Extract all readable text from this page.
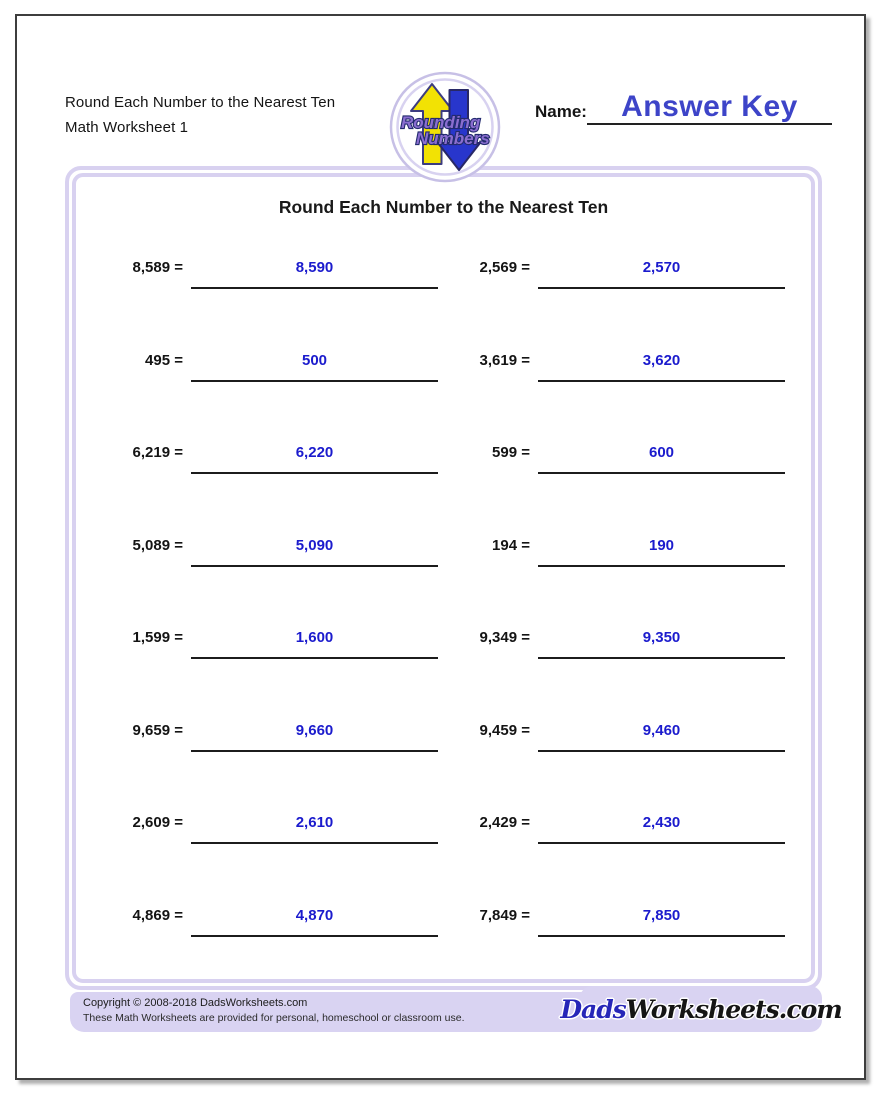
Round Each Number to the Nearest Ten
Math Worksheet 1	Rounding
Numbers
Name:	Answer Key
Round Each Number to the Nearest Ten
8,589 =	8,590	2,569 =	2,570
495 =	500	3,619 =	3,620
6,219 =	6,220	599 =	600
5,089 =	5,090	194 =	190
1,599 =	1,600	9,349 =	9,350
9,659 =	9,660	9,459 =	9,460
2,609 =	2,610	2,429 =	2,430
4,869 =	4,870	7,849 =	7,850
Copyright © 2008-2018 DadsWorksheets.com
These Math Worksheets are provided for personal, homeschool or classroom use.	DadsWorksheets.com
